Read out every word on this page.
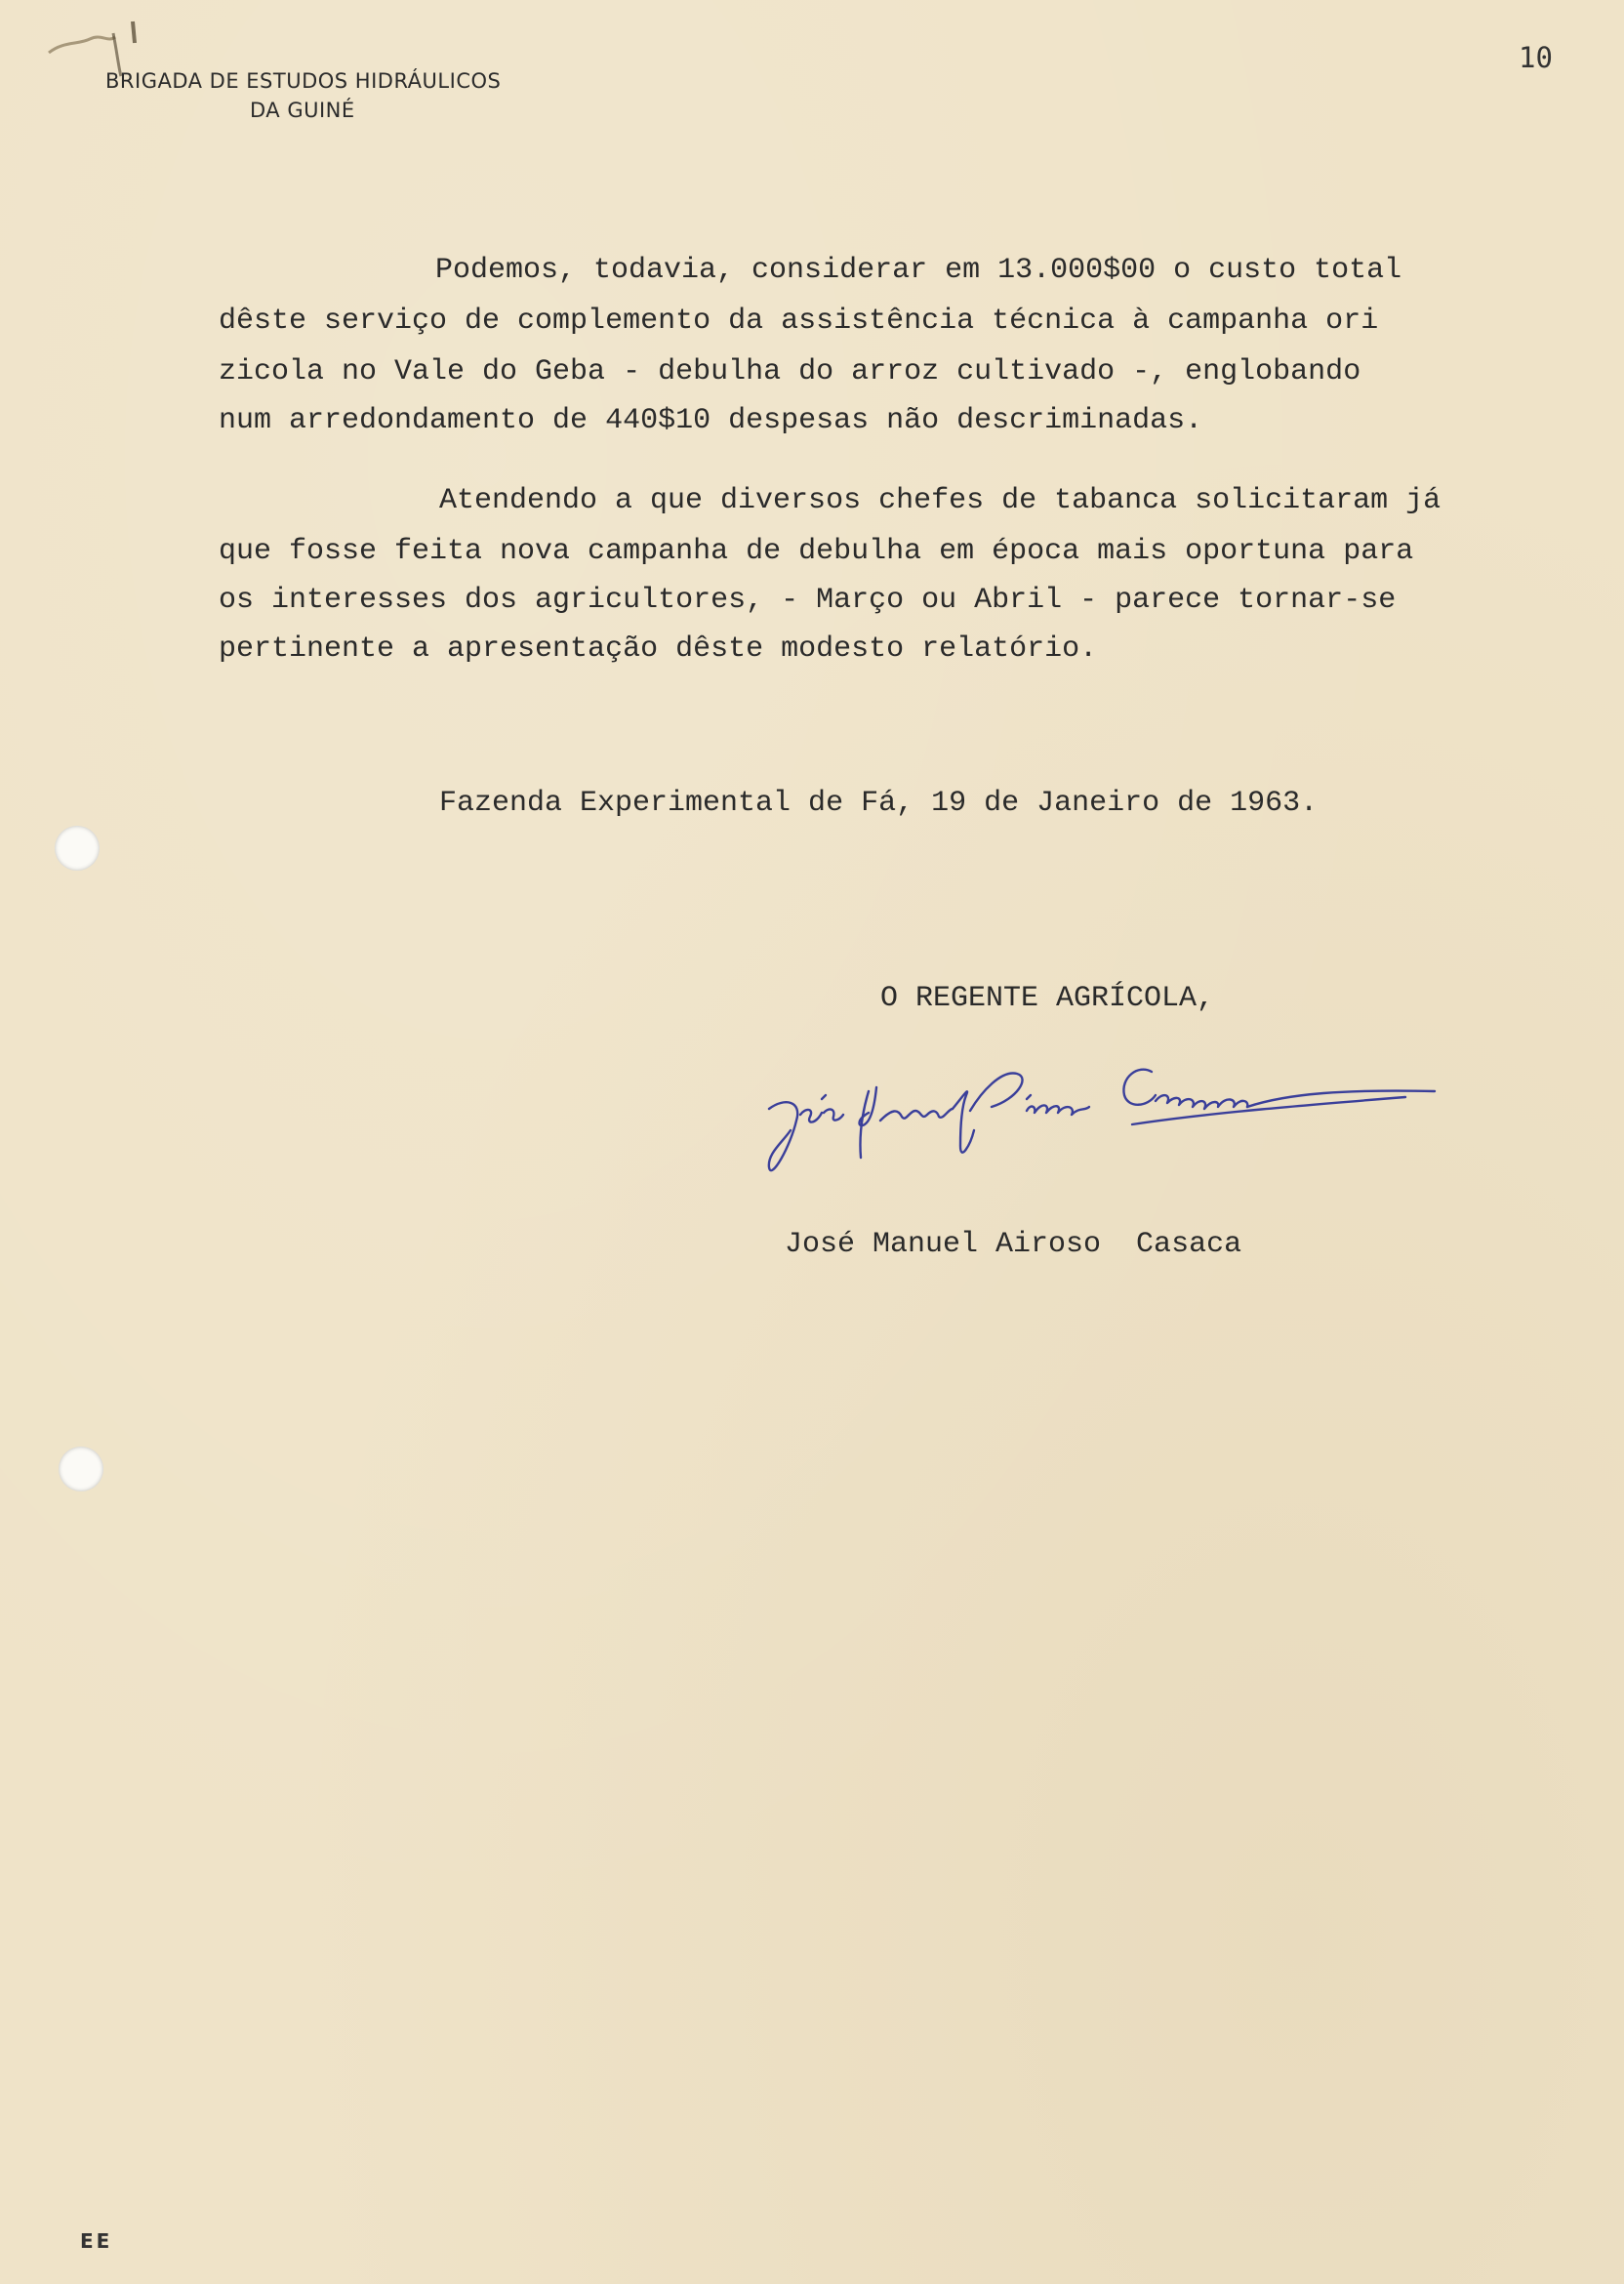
BRIGADA DE ESTUDOS HIDRÁULICOS
DA GUINÉ
10

Podemos, todavia, considerar em 13.000$00 o custo total

dêste serviço de complemento da assistência técnica à campanha ori

zicola no Vale do Geba - debulha do arroz cultivado -, englobando

num arredondamento de 440$10 despesas não descriminadas.

Atendendo a que diversos chefes de tabanca solicitaram já

que fosse feita nova campanha de debulha em época mais oportuna para

os interesses dos agricultores, - Março ou Abril - parece tornar-se

pertinente a apresentação dêste modesto relatório.

Fazenda Experimental de Fá, 19 de Janeiro de 1963.
O REGENTE AGRÍCOLA,
José Manuel Airoso  Casaca
EE
